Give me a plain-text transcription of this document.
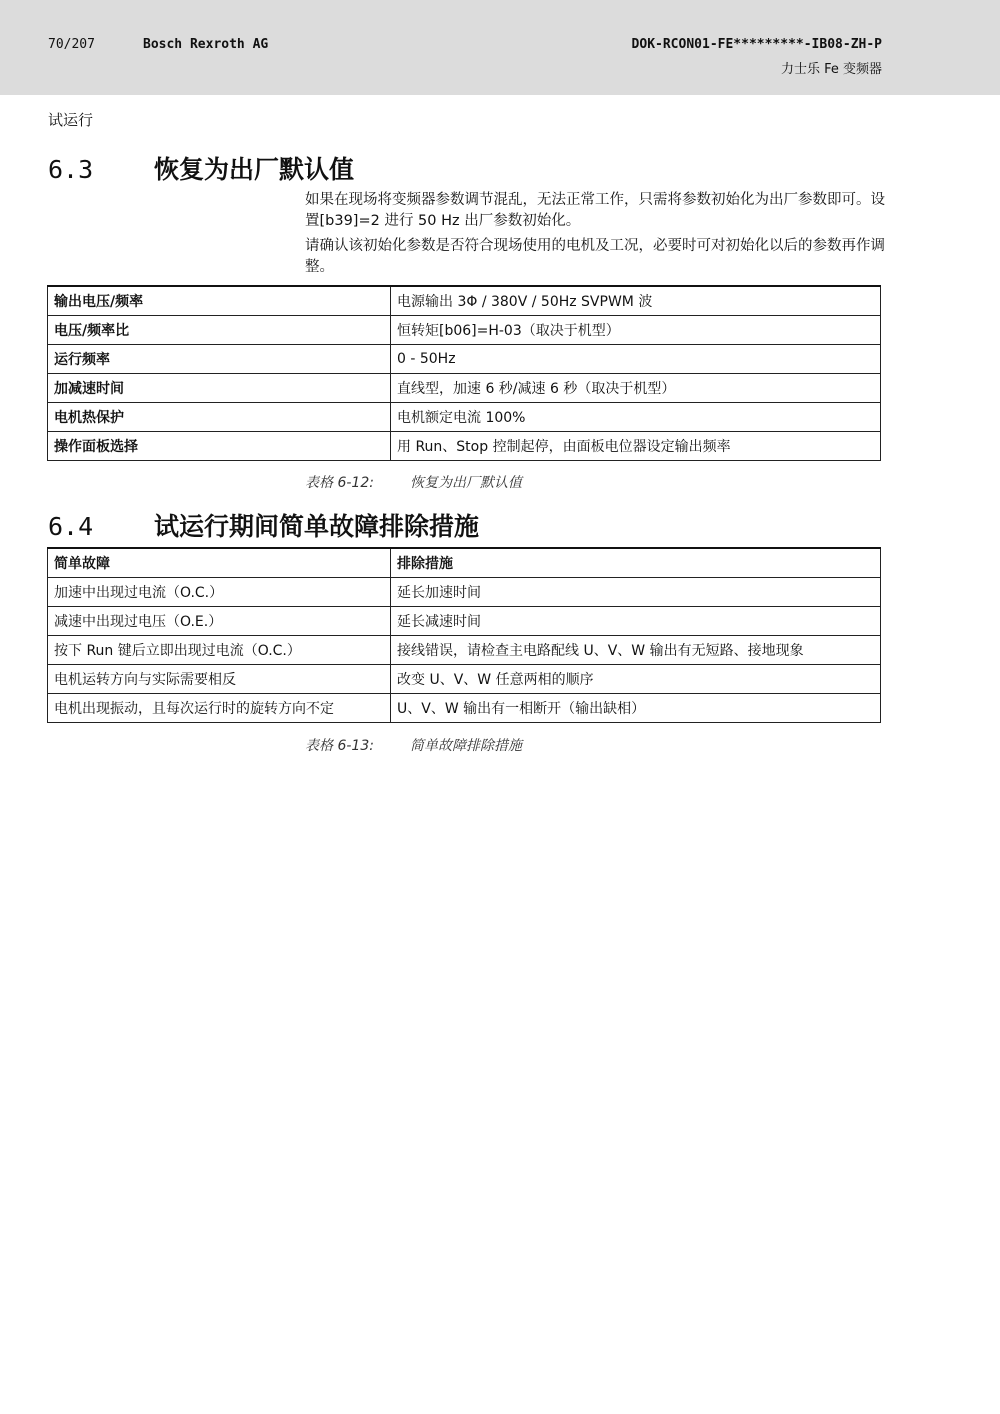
70/207	Bosch Rexroth AG	DOK-RCON01-FE*********-IB08-ZH-P
力士乐 Fe 变频器
试运行
6.3 恢复为出厂默认值
如果在现场将变频器参数调节混乱，无法正常工作，只需将参数初始化为出厂参数即可。设置[b39]=2 进行 50 Hz 出厂参数初始化。
请确认该初始化参数是否符合现场使用的电机及工况，必要时可对初始化以后的参数再作调整。
输出电压/频率	电源输出 3Φ / 380V / 50Hz SVPWM 波
电压/频率比	恒转矩[b06]=H-03（取决于机型）
运行频率	0 - 50Hz
加减速时间	直线型，加速 6 秒/减速 6 秒（取决于机型）
电机热保护	电机额定电流 100%
操作面板选择	用 Run、Stop 控制起停，由面板电位器设定输出频率
表格 6-12:	恢复为出厂默认值
6.4 试运行期间简单故障排除措施
简单故障	排除措施
加速中出现过电流（O.C.）	延长加速时间
减速中出现过电压（O.E.）	延长减速时间
按下 Run 键后立即出现过电流（O.C.）	接线错误，请检查主电路配线 U、V、W 输出有无短路、接地现象
电机运转方向与实际需要相反	改变 U、V、W 任意两相的顺序
电机出现振动，且每次运行时的旋转方向不定	U、V、W 输出有一相断开（输出缺相）
表格 6-13:	简单故障排除措施
